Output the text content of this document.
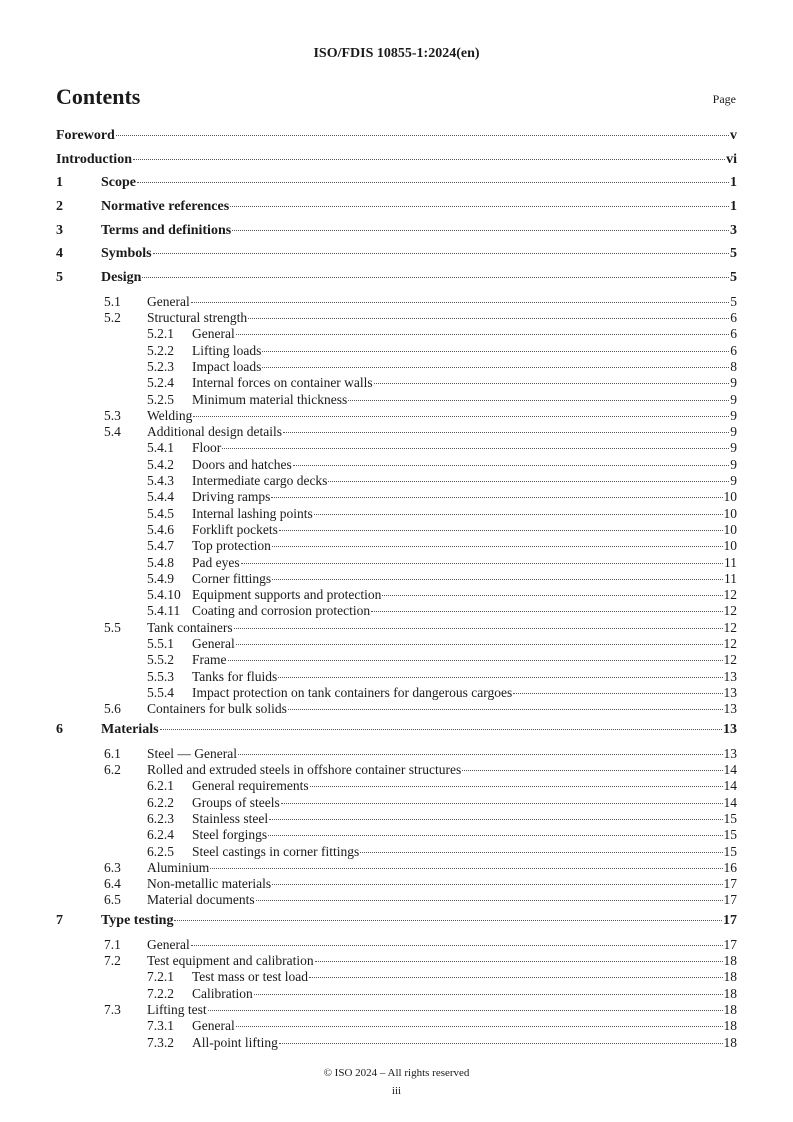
ISO/FDIS 10855-1:2024(en)
Contents	Page
Foreword	v
Introduction	vi
1	Scope	1
2	Normative references	1
3	Terms and definitions	3
4	Symbols	5
5	Design	5
5.1	General	5
5.2	Structural strength	6
5.2.1	General	6
5.2.2	Lifting loads	6
5.2.3	Impact loads	8
5.2.4	Internal forces on container walls	9
5.2.5	Minimum material thickness	9
5.3	Welding	9
5.4	Additional design details	9
5.4.1	Floor	9
5.4.2	Doors and hatches	9
5.4.3	Intermediate cargo decks	9
5.4.4	Driving ramps	10
5.4.5	Internal lashing points	10
5.4.6	Forklift pockets	10
5.4.7	Top protection	10
5.4.8	Pad eyes	11
5.4.9	Corner fittings	11
5.4.10 Equipment supports and protection	12
5.4.11 Coating and corrosion protection	12
5.5	Tank containers	12
5.5.1	General	12
5.5.2	Frame	12
5.5.3	Tanks for fluids	13
5.5.4	Impact protection on tank containers for dangerous cargoes	13
5.6	Containers for bulk solids	13
6	Materials	13
6.1	Steel — General	13
6.2	Rolled and extruded steels in offshore container structures	14
6.2.1	General requirements	14
6.2.2	Groups of steels	14
6.2.3	Stainless steel	15
6.2.4	Steel forgings	15
6.2.5	Steel castings in corner fittings	15
6.3	Aluminium	16
6.4	Non-metallic materials	17
6.5	Material documents	17
7	Type testing	17
7.1	General	17
7.2	Test equipment and calibration	18
7.2.1	Test mass or test load	18
7.2.2	Calibration	18
7.3	Lifting test	18
7.3.1	General	18
7.3.2	All-point lifting	18
© ISO 2024 – All rights reserved
iii
